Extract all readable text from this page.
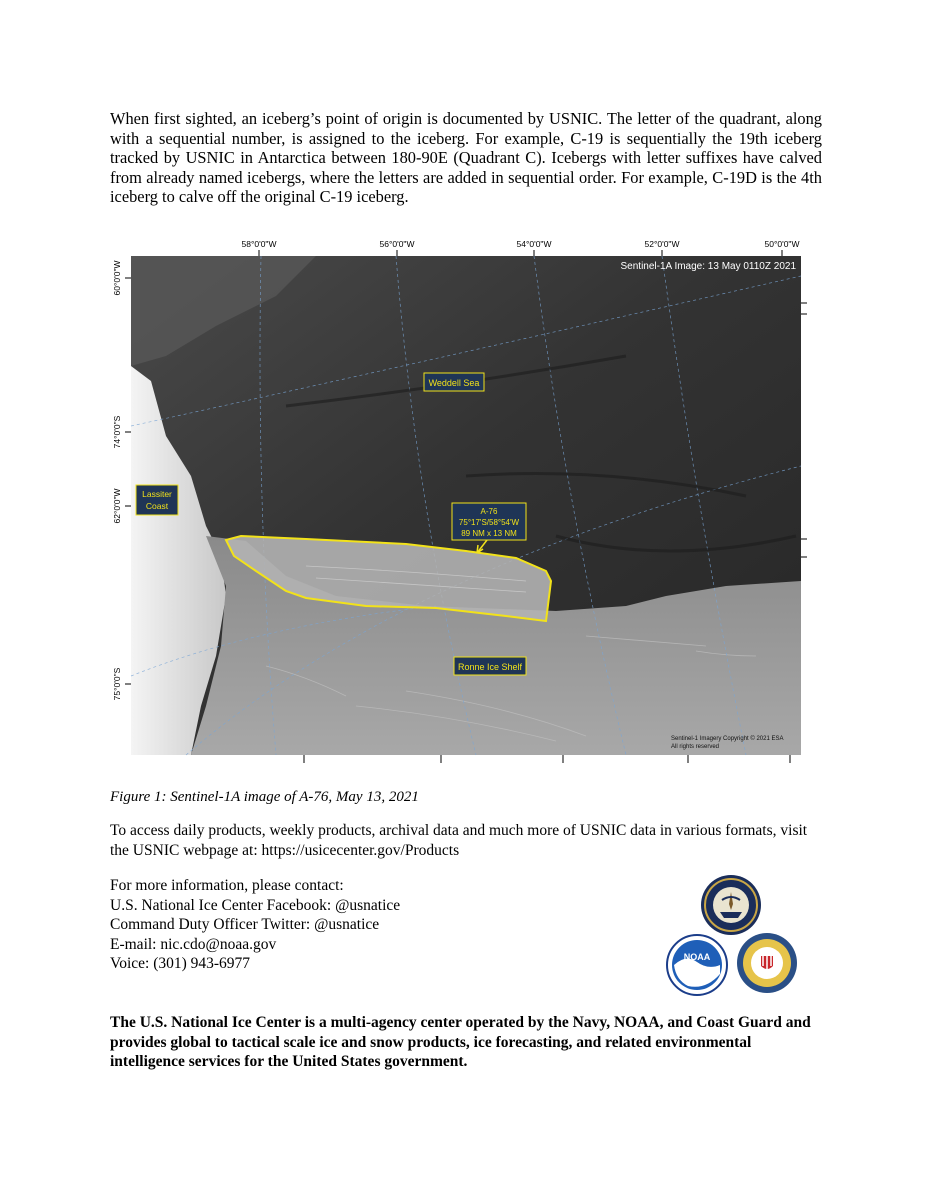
When first sighted, an iceberg’s point of origin is documented by USNIC. The letter of the quadrant, along with a sequential number, is assigned to the iceberg. For example, C-19 is sequentially the 19th iceberg tracked by USNIC in Antarctica between 180-90E (Quadrant C). Icebergs with letter suffixes have calved from already named icebergs, where the letters are added in sequential order. For example, C-19D is the 4th iceberg to calve off the original C-19 iceberg.

58°0'0"W	56°0'0"W	54°0'0"W	52°0'0"W	50°0'0"W
60°0'0"W
74°0'0"S
62°0'0"W
75°0'0"S
Sentinel-1A Image: 13 May 0110Z 2021
Weddell Sea
Lassiter
Coast
A-76
75°17'S/58°54'W
89 NM x 13 NM
Ronne Ice Shelf
Sentinel-1 Imagery Copyright © 2021 ESA
All rights reserved

Figure 1: Sentinel-1A image of A-76, May 13, 2021

To access daily products, weekly products, archival data and much more of USNIC data in various formats, visit the USNIC webpage at: https://usicecenter.gov/Products

For more information, please contact:
U.S. National Ice Center Facebook: @usnatice
Command Duty Officer Twitter: @usnatice
E-mail: nic.cdo@noaa.gov
Voice: (301) 943-6977	NOAA

The U.S. National Ice Center is a multi-agency center operated by the Navy, NOAA, and Coast Guard and provides global to tactical scale ice and snow products, ice forecasting, and related environmental intelligence services for the United States government.
